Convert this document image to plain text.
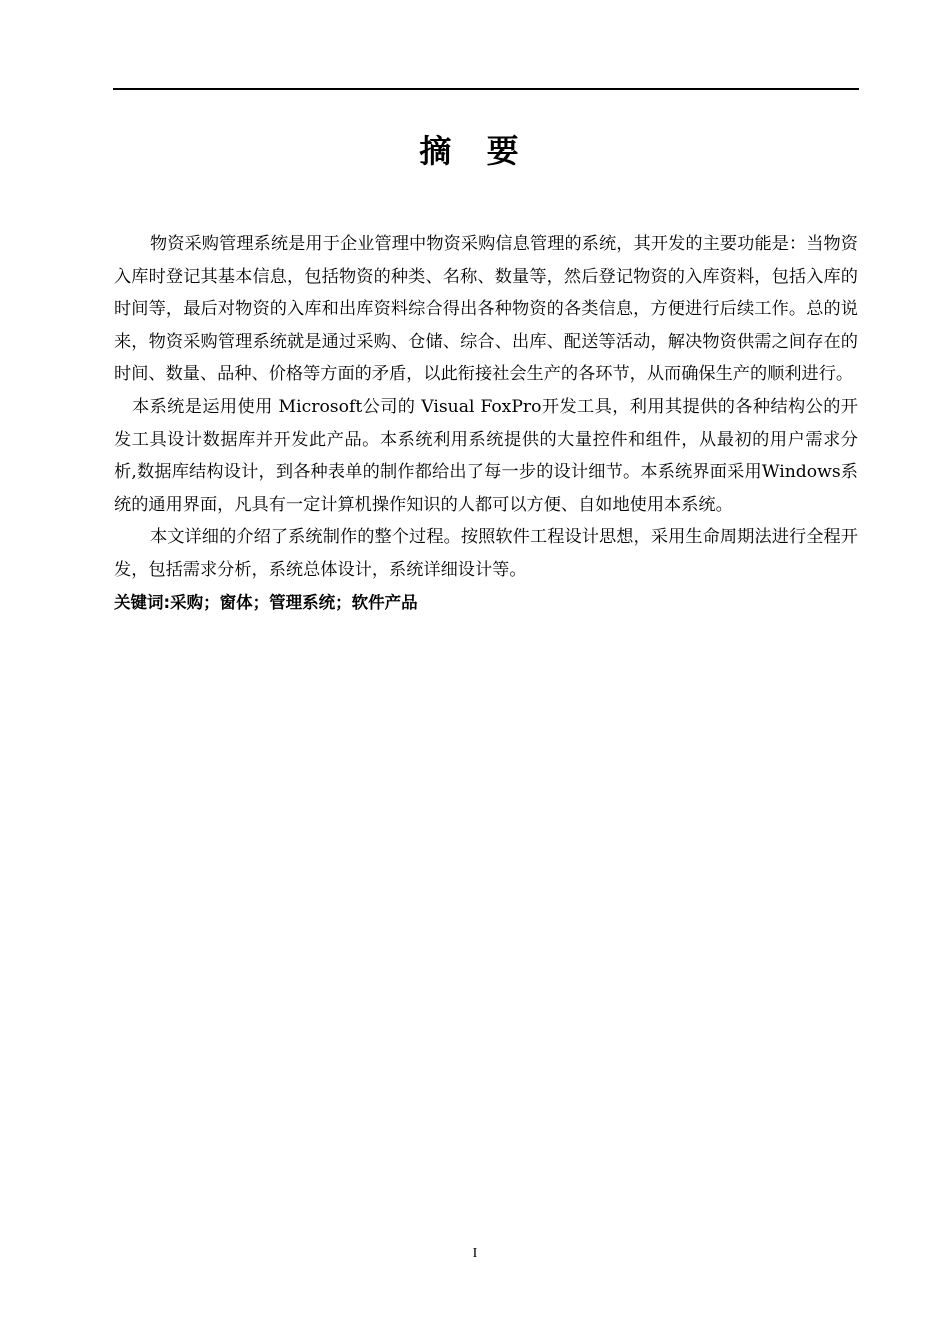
摘 要

物资采购管理系统是用于企业管理中物资采购信息管理的系统，其开发的主要功能是：当物资入库时登记其基本信息，包括物资的种类、名称、数量等，然后登记物资的入库资料，包括入库的时间等，最后对物资的入库和出库资料综合得出各种物资的各类信息，方便进行后续工作。总的说来，物资采购管理系统就是通过采购、仓储、综合、出库、配送等活动，解决物资供需之间存在的时间、数量、品种、价格等方面的矛盾，以此衔接社会生产的各环节，从而确保生产的顺利进行。

本系统是运用使用 Microsoft公司的 Visual FoxPro开发工具，利用其提供的各种结构公的开发工具设计数据库并开发此产品。本系统利用系统提供的大量控件和组件，从最初的用户需求分析,数据库结构设计，到各种表单的制作都给出了每一步的设计细节。本系统界面采用Windows系统的通用界面，凡具有一定计算机操作知识的人都可以方便、自如地使用本系统。

本文详细的介绍了系统制作的整个过程。按照软件工程设计思想，采用生命周期法进行全程开发，包括需求分析，系统总体设计，系统详细设计等。

关键词:采购；窗体；管理系统；软件产品

I
